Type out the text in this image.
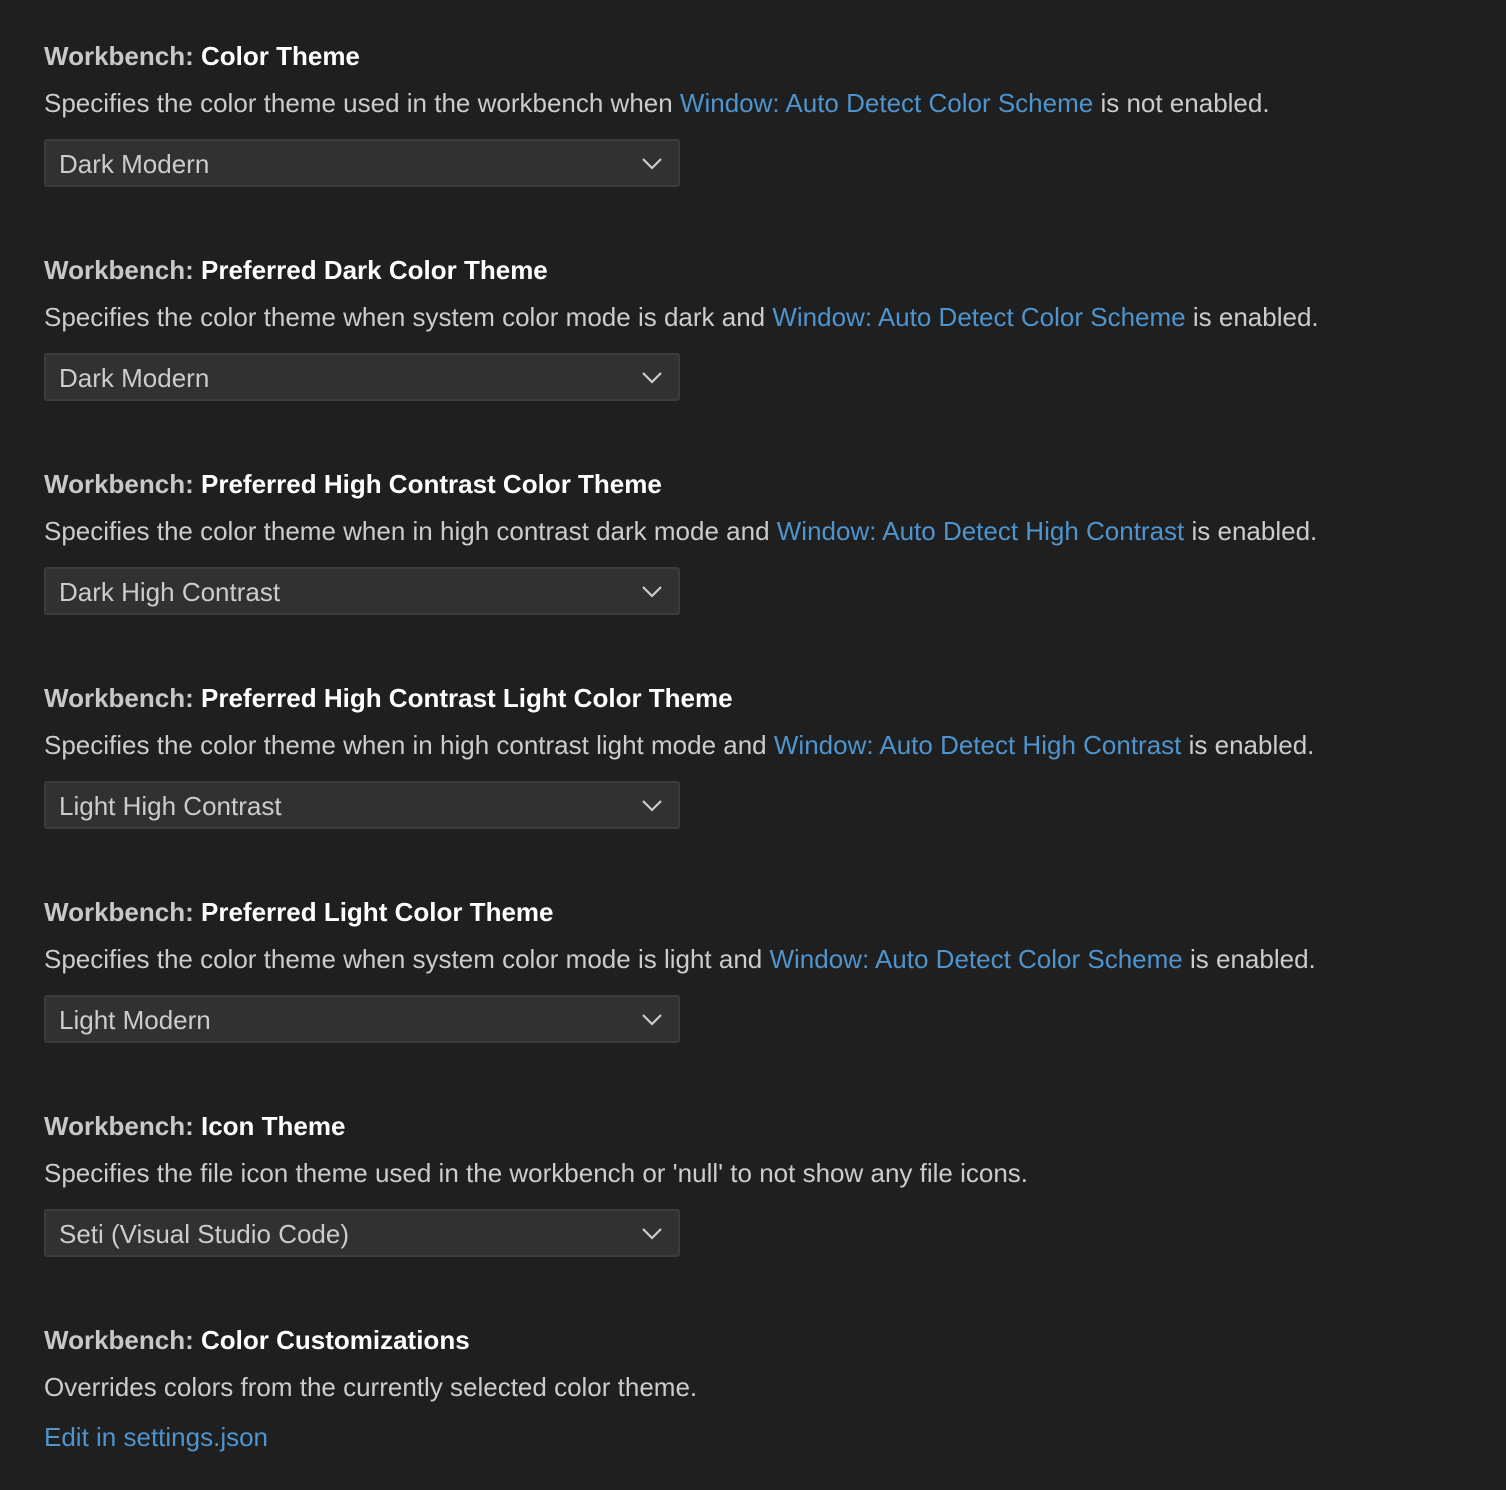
Workbench: Color Theme
Specifies the color theme used in the workbench when Window: Auto Detect Color Scheme is not enabled.
Dark Modern
Workbench: Preferred Dark Color Theme
Specifies the color theme when system color mode is dark and Window: Auto Detect Color Scheme is enabled.
Dark Modern
Workbench: Preferred High Contrast Color Theme
Specifies the color theme when in high contrast dark mode and Window: Auto Detect High Contrast is enabled.
Dark High Contrast
Workbench: Preferred High Contrast Light Color Theme
Specifies the color theme when in high contrast light mode and Window: Auto Detect High Contrast is enabled.
Light High Contrast
Workbench: Preferred Light Color Theme
Specifies the color theme when system color mode is light and Window: Auto Detect Color Scheme is enabled.
Light Modern
Workbench: Icon Theme
Specifies the file icon theme used in the workbench or 'null' to not show any file icons.
Seti (Visual Studio Code)
Workbench: Color Customizations
Overrides colors from the currently selected color theme.
Edit in settings.json
